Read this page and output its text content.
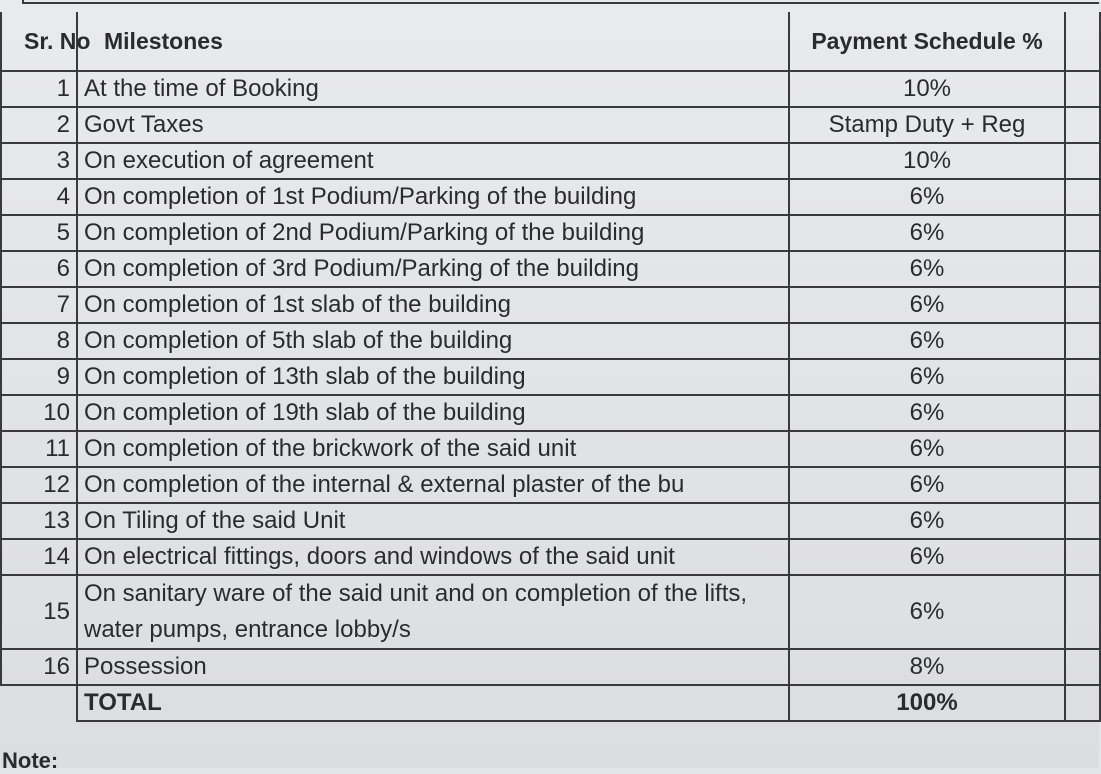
Sr. No	Milestones	Payment Schedule %	
1	At the time of Booking	10%	
2	Govt Taxes	Stamp Duty + Reg	
3	On execution of agreement	10%	
4	On completion of 1st Podium/Parking of the building	6%	
5	On completion of 2nd Podium/Parking of the building	6%	
6	On completion of 3rd Podium/Parking of the building	6%	
7	On completion of 1st slab of the building	6%	
8	On completion of 5th slab of the building	6%	
9	On completion of 13th slab of the building	6%	
10	On completion of 19th slab of the building	6%	
11	On completion of the brickwork of the said unit	6%	
12	On completion of the internal & external plaster of the bu	6%	
13	On Tiling of the said Unit	6%	
14	On electrical fittings, doors and windows of the said unit	6%	
15	On sanitary ware of the said unit and on completion of the lifts, water pumps, entrance lobby/s	6%	
16	Possession	8%	
	TOTAL	100%	
Note:
